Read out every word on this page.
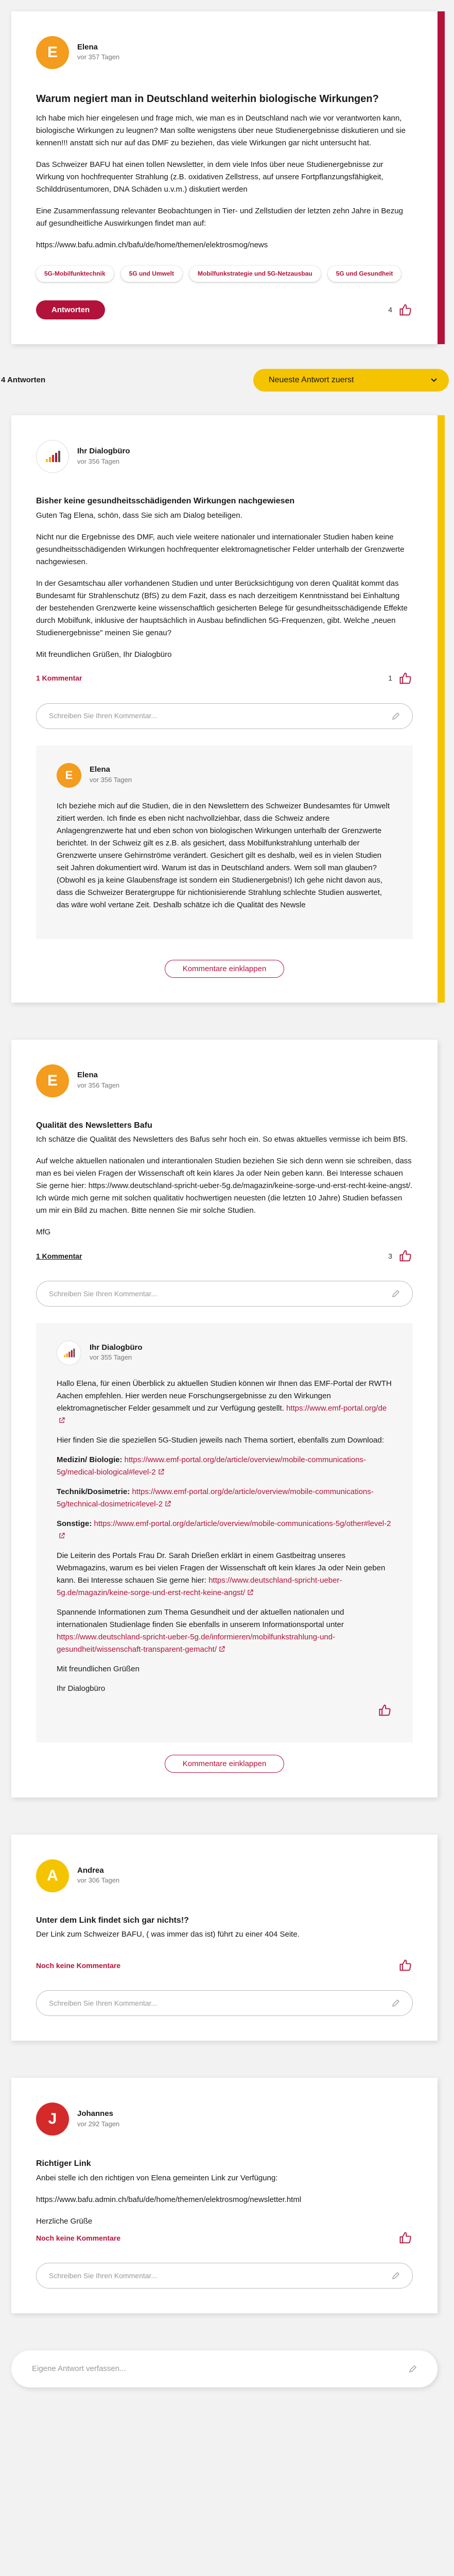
E	Elena
vor 357 Tagen
Warum negiert man in Deutschland weiterhin biologische Wirkungen?

Ich habe mich hier eingelesen und frage mich, wie man es in Deutschland nach wie vor verantworten kann, biologische Wirkungen zu leugnen? Man sollte wenigstens über neue Studienergebnisse diskutieren und sie kennen!!! anstatt sich nur auf das DMF zu beziehen, das viele Wirkungen gar nicht untersucht hat.

Das Schweizer BAFU hat einen tollen Newsletter, in dem viele Infos über neue Studienergebnisse zur Wirkung von hochfrequenter Strahlung (z.B. oxidativen Zellstress, auf unsere Fortpflanzungsfähigkeit, Schilddrüsentumoren, DNA Schäden u.v.m.) diskutiert werden

Eine Zusammenfassung relevanter Beobachtungen in Tier- und Zellstudien der letzten zehn Jahre in Bezug auf gesundheitliche Auswirkungen findet man auf:

https://www.bafu.admin.ch/bafu/de/home/themen/elektrosmog/news

5G-Mobilfunktechnik	5G und Umwelt	Mobilfunkstrategie und 5G-Netzausbau	5G und Gesundheit
Antworten	4
4 Antworten	Neueste Antwort zuerst
Ihr Dialogbüro
vor 356 Tagen
Bisher keine gesundheitsschädigenden Wirkungen nachgewiesen

Guten Tag Elena, schön, dass Sie sich am Dialog beteiligen.

Nicht nur die Ergebnisse des DMF, auch viele weitere nationaler und internationaler Studien haben keine gesundheitsschädigenden Wirkungen hochfrequenter elektromagnetischer Felder unterhalb der Grenzwerte nachgewiesen.

In der Gesamtschau aller vorhandenen Studien und unter Berücksichtigung von deren Qualität kommt das Bundesamt für Strahlenschutz (BfS) zu dem Fazit, dass es nach derzeitigem Kenntnisstand bei Einhaltung der bestehenden Grenzwerte keine wissenschaftlich gesicherten Belege für gesundheitsschädigende Effekte durch Mobilfunk, inklusive der hauptsächlich in Ausbau befindlichen 5G-Frequenzen, gibt. Welche „neuen Studienergebnisse" meinen Sie genau?

Mit freundlichen Grüßen, Ihr Dialogbüro

1 Kommentar	1
Schreiben Sie Ihren Kommentar...
E Elena
vor 356 Tagen

Ich beziehe mich auf die Studien, die in den Newslettern des Schweizer Bundesamtes für Umwelt zitiert werden. Ich finde es eben nicht nachvollziehbar, dass die Schweiz andere Anlagengrenzwerte hat und eben schon von biologischen Wirkungen unterhalb der Grenzwerte berichtet. In der Schweiz gilt es z.B. als gesichert, dass Mobilfunkstrahlung unterhalb der Grenzwerte unsere Gehirnströme verändert. Gesichert gilt es deshalb, weil es in vielen Studien seit Jahren dokumentiert wird. Warum ist das in Deutschland anders. Wem soll man glauben? (Obwohl es ja keine Glaubensfrage ist sondern ein Studienergebnis!) Ich gehe nicht davon aus, dass die Schweizer Beratergruppe für nichtionisierende Strahlung schlechte Studien auswertet, das wäre wohl vertane Zeit. Deshalb schätze ich die Qualität des Newsle

Kommentare einklappen
E	Elena
vor 356 Tagen
Qualität des Newsletters Bafu

Ich schätze die Qualität des Newsletters des Bafus sehr hoch ein. So etwas aktuelles vermisse ich beim BfS.

Auf welche aktuellen nationalen und interantionalen Studien beziehen Sie sich denn wenn sie schreiben, dass man es bei vielen Fragen der Wissenschaft oft kein klares Ja oder Nein geben kann. Bei Interesse schauen Sie gerne hier: https://www.deutschland-spricht-ueber-5g.de/magazin/keine-sorge-und-erst-recht-keine-angst/. Ich würde mich gerne mit solchen qualitativ hochwertigen neuesten (die letzten 10 Jahre) Studien befassen um mir ein Bild zu machen. Bitte nennen Sie mir solche Studien.

MfG

1 Kommentar	3
Schreiben Sie Ihren Kommentar...
Ihr Dialogbüro
vor 355 Tagen

Hallo Elena, für einen Überblick zu aktuellen Studien können wir Ihnen das EMF-Portal der RWTH Aachen empfehlen. Hier werden neue Forschungsergebnisse zu den Wirkungen elektromagnetischer Felder gesammelt und zur Verfügung gestellt. https://www.emf-portal.org/de

Hier finden Sie die speziellen 5G-Studien jeweils nach Thema sortiert, ebenfalls zum Download:

Medizin/ Biologie: https://www.emf-portal.org/de/article/overview/mobile-communications-5g/medical-biological#level-2

Technik/Dosimetrie: https://www.emf-portal.org/de/article/overview/mobile-communications-5g/technical-dosimetric#level-2

Sonstige: https://www.emf-portal.org/de/article/overview/mobile-communications-5g/other#level-2

Die Leiterin des Portals Frau Dr. Sarah Drießen erklärt in einem Gastbeitrag unseres Webmagazins, warum es bei vielen Fragen der Wissenschaft oft kein klares Ja oder Nein geben kann. Bei Interesse schauen Sie gerne hier: https://www.deutschland-spricht-ueber-5g.de/magazin/keine-sorge-und-erst-recht-keine-angst/

Spannende Informationen zum Thema Gesundheit und der aktuellen nationalen und internationalen Studienlage finden Sie ebenfalls in unserem Informationsportal unter https://www.deutschland-spricht-ueber-5g.de/informieren/mobilfunkstrahlung-und-gesundheit/wissenschaft-transparent-gemacht/

Mit freundlichen Grüßen

Ihr Dialogbüro

Kommentare einklappen
A Andrea
vor 306 Tagen
Unter dem Link findet sich gar nichts!?

Der Link zum Schweizer BAFU, ( was immer das ist) führt zu einer 404 Seite.

Noch keine Kommentare
Schreiben Sie Ihren Kommentar...
J	Johannes
vor 292 Tagen
Richtiger Link

Anbei stelle ich den richtigen von Elena gemeinten Link zur Verfügung:

https://www.bafu.admin.ch/bafu/de/home/themen/elektrosmog/newsletter.html

Herzliche Grüße

Noch keine Kommentare
Schreiben Sie Ihren Kommentar...
Eigene Antwort verfassen...
